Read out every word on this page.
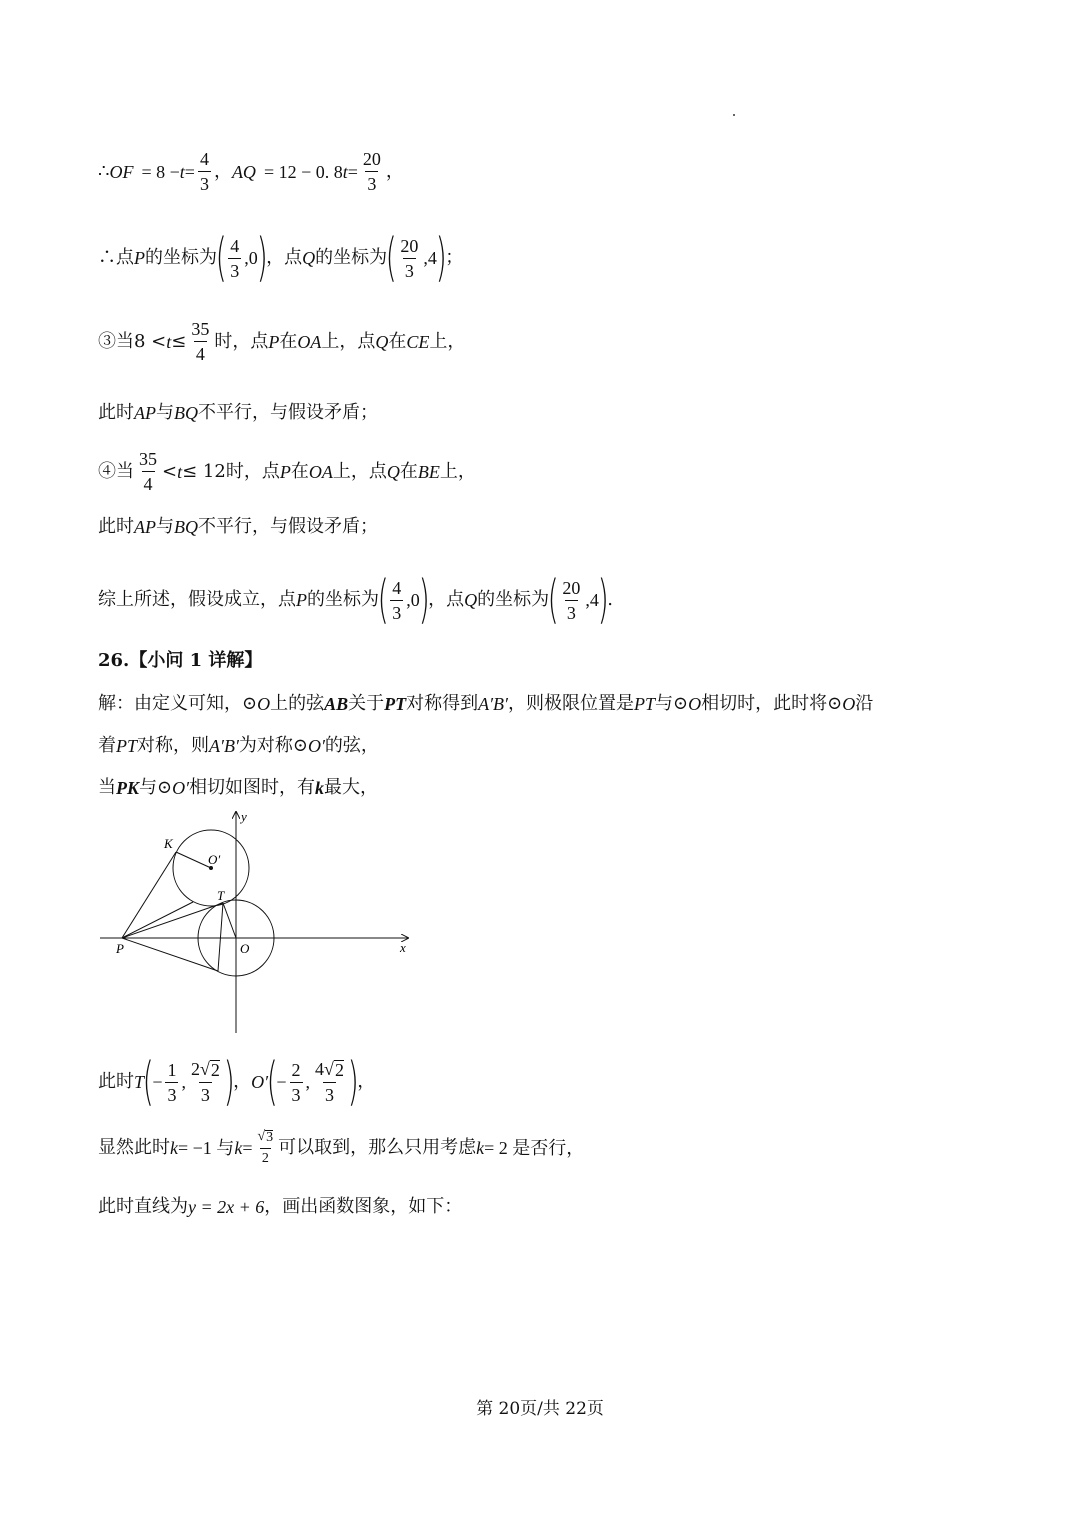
∴ OF = $8 - t = \frac{4}{3}$ ， AQ = 12 − 0. 8 $t = \frac{20}{3}$ ，
∴点 P 的坐标为
( $\frac{4}{3} ,0$
)
，点 Q 的坐标为
( $\frac{20}{3} ,4$
)
；
③当$8 < t \le \frac{35}{4}$ 时，点 P 在 OA 上，点 Q 在 CE 上，
此时 AP 与 BQ 不平行，与假设矛盾；
④当 $\frac{35}{4} < t \le 12$时，点 P 在 OA 上，点 Q 在 BE 上，
此时 AP 与 BQ 不平行，与假设矛盾；
综上所述，假设成立，点 P 的坐标为
( $\frac{4}{3} ,0$
)
，点 Q 的坐标为
( $\frac{20}{3} ,4$
)
.
26.【小问 1 详解】
解：由定义可知，⊙ O 上的弦 AB 关于 PT 对称得到 A′B′ ，则极限位置是 PT 与⊙ O 相切时，此时将⊙ O 沿
着 PT 对称，则 A′B′ 为对称⊙ O′ 的弦，
当 PK 与⊙ O′ 相切如图时，有 k 最大，
K
O′
T
P	O	x
y
此时 T
(
− $\frac{1}{3}$ , $\frac{2√ 2}{3}$ )
， O′
(
− $\frac{2}{3}$ , $\frac{4√ 2}{3}$ )
，
显然此时 k = −1 与 $k = \frac{√ 3}{2}$ 可以取到，那么只用考虑 k = 2 是否行，
此时直线为 y = 2x + 6 ，画出函数图象，如下：
第 20页/共 22页
